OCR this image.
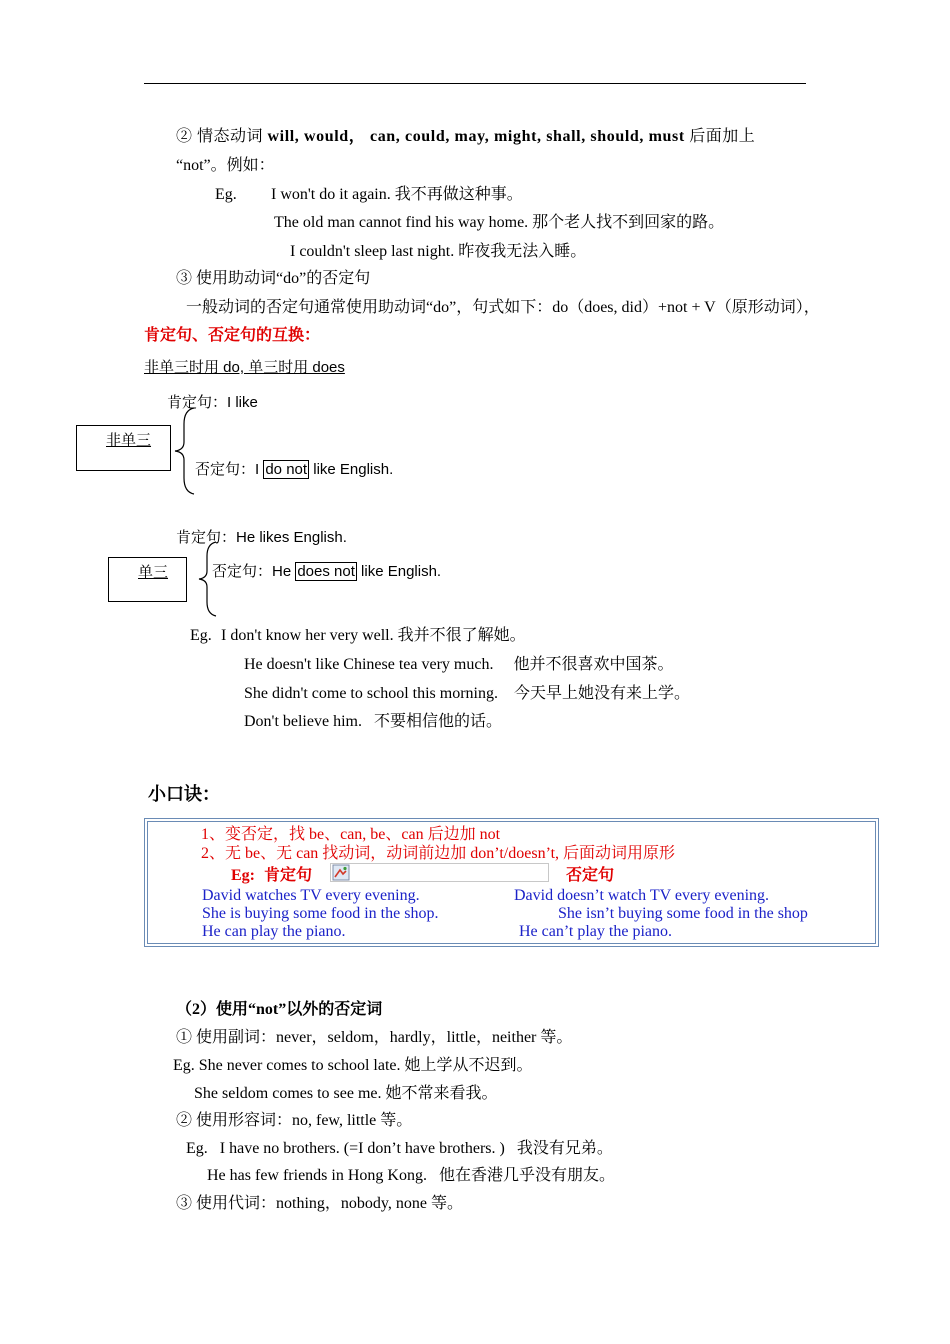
② 情态动词 will, would， can, could, may, might, shall, should, must 后面加上
“not”。例如：
Eg. I won't do it again. 我不再做这种事。
The old man cannot find his way home. 那个老人找不到回家的路。
I couldn't sleep last night. 昨夜我无法入睡。
③ 使用助动词“do”的否定句
一般动词的否定句通常使用助动词“do”，句式如下：do（does, did）+not + V（原形动词），
肯定句、否定句的互换：
非单三时用 do, 单三时用 does
肯定句：I like
非单三
否定句：I do not like English.
肯定句：He likes English.
单三	否定句：He does not like English.
Eg. I don't know her very well. 我并不很了解她。
He doesn't like Chinese tea very much.     他并不很喜欢中国茶。
She didn't come to school this morning.    今天早上她没有来上学。
Don't believe him.   不要相信他的话。
小口诀：
1、变否定，找 be、can, be、can 后边加 not
2、无 be、无 can 找动词，动词前边加 don’t/doesn’t, 后面动词用原形
Eg: 肯定句	否定句
David watches TV every evening.	David doesn’t watch TV every evening.
She is buying some food in the shop.	She isn’t buying some food in the shop
He can play the piano.	He can’t play the piano.
（2）使用“not”以外的否定词
① 使用副词：never，seldom，hardly，little，neither 等。
Eg. She never comes to school late. 她上学从不迟到。
She seldom comes to see me. 她不常来看我。
② 使用形容词：no, few, little 等。
Eg.   I have no brothers. (=I don’t have brothers. )   我没有兄弟。
He has few friends in Hong Kong.   他在香港几乎没有朋友。
③ 使用代词：nothing，nobody, none 等。
